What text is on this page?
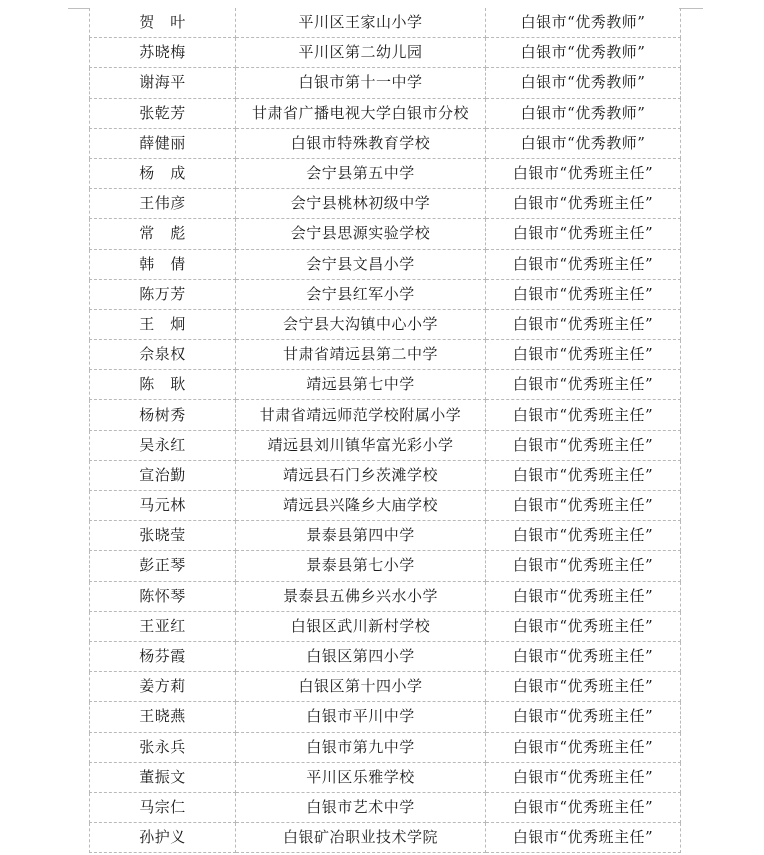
贺　叶	平川区王家山小学	白银市“优秀教师”
苏晓梅	平川区第二幼儿园	白银市“优秀教师”
谢海平	白银市第十一中学	白银市“优秀教师”
张乾芳	甘肃省广播电视大学白银市分校	白银市“优秀教师”
薛健丽	白银市特殊教育学校	白银市“优秀教师”
杨　成	会宁县第五中学	白银市“优秀班主任”
王伟彦	会宁县桃林初级中学	白银市“优秀班主任”
常　彪	会宁县思源实验学校	白银市“优秀班主任”
韩　倩	会宁县文昌小学	白银市“优秀班主任”
陈万芳	会宁县红军小学	白银市“优秀班主任”
王　炯	会宁县大沟镇中心小学	白银市“优秀班主任”
佘泉权	甘肃省靖远县第二中学	白银市“优秀班主任”
陈　耿	靖远县第七中学	白银市“优秀班主任”
杨树秀	甘肃省靖远师范学校附属小学	白银市“优秀班主任”
吴永红	靖远县刘川镇华富光彩小学	白银市“优秀班主任”
宣治勤	靖远县石门乡茨滩学校	白银市“优秀班主任”
马元林	靖远县兴隆乡大庙学校	白银市“优秀班主任”
张晓莹	景泰县第四中学	白银市“优秀班主任”
彭正琴	景泰县第七小学	白银市“优秀班主任”
陈怀琴	景泰县五佛乡兴水小学	白银市“优秀班主任”
王亚红	白银区武川新村学校	白银市“优秀班主任”
杨芬霞	白银区第四小学	白银市“优秀班主任”
姜方莉	白银区第十四小学	白银市“优秀班主任”
王晓燕	白银市平川中学	白银市“优秀班主任”
张永兵	白银市第九中学	白银市“优秀班主任”
董振文	平川区乐雅学校	白银市“优秀班主任”
马宗仁	白银市艺术中学	白银市“优秀班主任”
孙护义	白银矿冶职业技术学院	白银市“优秀班主任”
